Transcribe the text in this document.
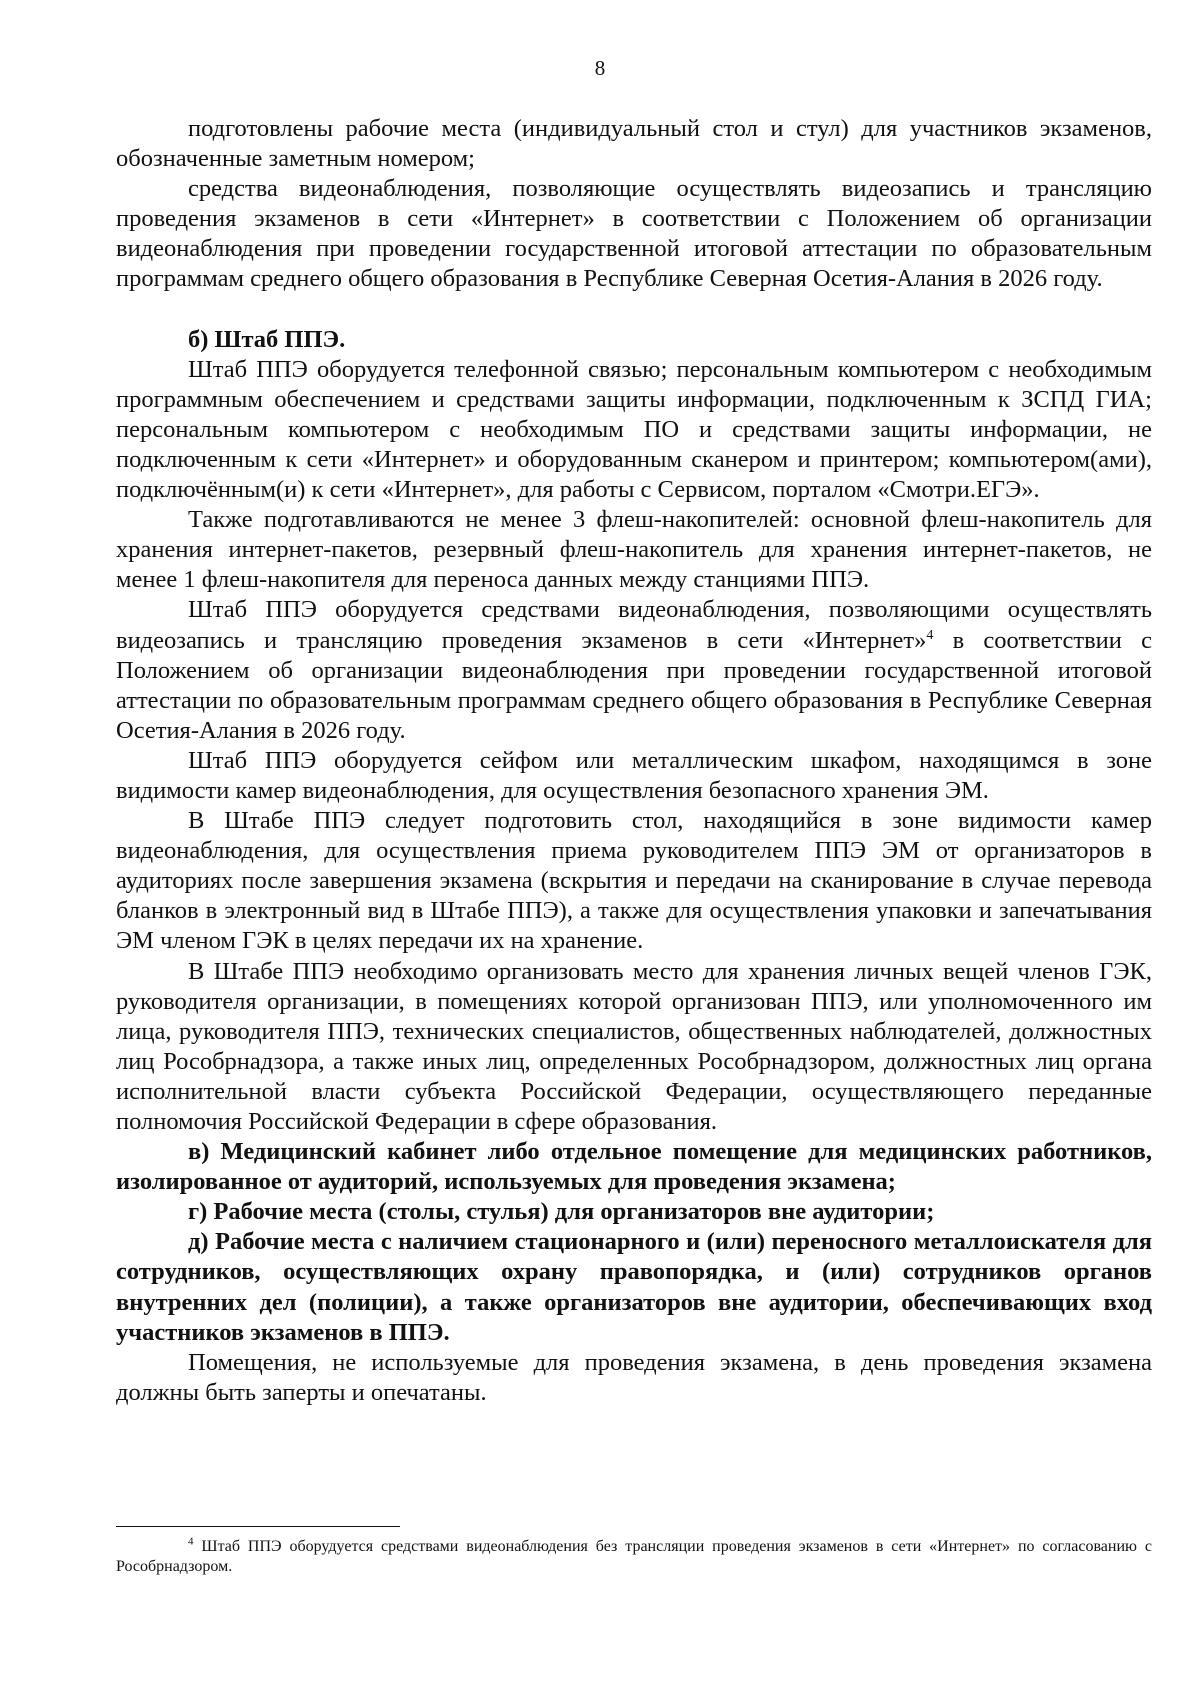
8

подготовлены рабочие места (индивидуальный стол и стул) для участников экзаменов, обозначенные заметным номером;

средства видеонаблюдения, позволяющие осуществлять видеозапись и трансляцию проведения экзаменов в сети «Интернет» в соответствии с Положением об организации видеонаблюдения при проведении государственной итоговой аттестации по образовательным программам среднего общего образования в Республике Северная Осетия-Алания в 2026 году.

б) Штаб ППЭ.

Штаб ППЭ оборудуется телефонной связью; персональным компьютером с необходимым программным обеспечением и средствами защиты информации, подключенным к ЗСПД ГИА; персональным компьютером с необходимым ПО и средствами защиты информации, не подключенным к сети «Интернет» и оборудованным сканером и принтером; компьютером(ами), подключённым(и) к сети «Интернет», для работы с Сервисом, порталом «Смотри.ЕГЭ».

Также подготавливаются не менее 3 флеш-накопителей: основной флеш-накопитель для хранения интернет-пакетов, резервный флеш-накопитель для хранения интернет-пакетов, не менее 1 флеш-накопителя для переноса данных между станциями ППЭ.

Штаб ППЭ оборудуется средствами видеонаблюдения, позволяющими осуществлять видеозапись и трансляцию проведения экзаменов в сети «Интернет»$^4$ в соответствии с Положением об организации видеонаблюдения при проведении государственной итоговой аттестации по образовательным программам среднего общего образования в Республике Северная Осетия-Алания в 2026 году.

Штаб ППЭ оборудуется сейфом или металлическим шкафом, находящимся в зоне видимости камер видеонаблюдения, для осуществления безопасного хранения ЭМ.

В Штабе ППЭ следует подготовить стол, находящийся в зоне видимости камер видеонаблюдения, для осуществления приема руководителем ППЭ ЭМ от организаторов в аудиториях после завершения экзамена (вскрытия и передачи на сканирование в случае перевода бланков в электронный вид в Штабе ППЭ), а также для осуществления упаковки и запечатывания ЭМ членом ГЭК в целях передачи их на хранение.

В Штабе ППЭ необходимо организовать место для хранения личных вещей членов ГЭК, руководителя организации, в помещениях которой организован ППЭ, или уполномоченного им лица, руководителя ППЭ, технических специалистов, общественных наблюдателей, должностных лиц Рособрнадзора, а также иных лиц, определенных Рособрнадзором, должностных лиц органа исполнительной власти субъекта Российской Федерации, осуществляющего переданные полномочия Российской Федерации в сфере образования.

в) Медицинский кабинет либо отдельное помещение для медицинских работников, изолированное от аудиторий, используемых для проведения экзамена;

г) Рабочие места (столы, стулья) для организаторов вне аудитории;

д) Рабочие места с наличием стационарного и (или) переносного металлоискателя для сотрудников, осуществляющих охрану правопорядка, и (или) сотрудников органов внутренних дел (полиции), а также организаторов вне аудитории, обеспечивающих вход участников экзаменов в ППЭ.

Помещения, не используемые для проведения экзамена, в день проведения экзамена должны быть заперты и опечатаны.

$^4$ Штаб ППЭ оборудуется средствами видеонаблюдения без трансляции проведения экзаменов в сети «Интернет» по согласованию с Рособрнадзором.
